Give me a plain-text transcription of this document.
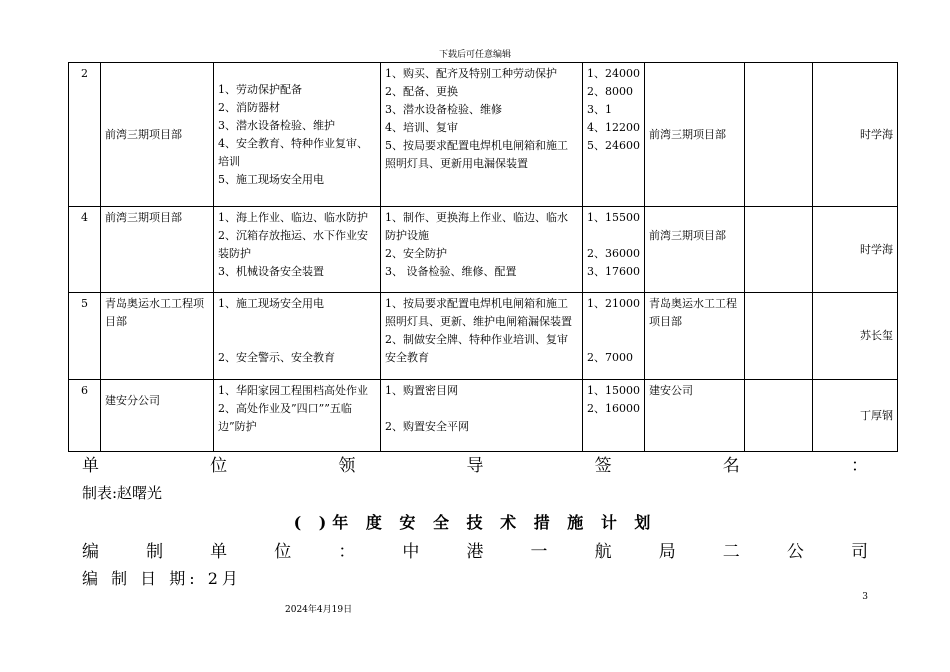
下载后可任意编辑
2	前湾三期项目部	1、劳动保护配备
2、消防器材
3、潜水设备检验、维护
4、安全教育、特种作业复审、培训
5、施工现场安全用电	1、购买、配齐及特别工种劳动保护
2、配备、更换
3、潜水设备检验、维修
4、培训、复审
5、按局要求配置电焊机电闸箱和施工照明灯具、更新用电漏保装置	1、24000
2、8000
3、1
4、12200
5、24600	前湾三期项目部		时学海
4	前湾三期项目部	1、海上作业、临边、临水防护
2、沉箱存放拖运、水下作业安装防护
3、机械设备安全装置	1、制作、更换海上作业、临边、临水防护设施
2、安全防护
3、 设备检验、维修、配置	1、15500
2、36000
3、17600	前湾三期项目部		时学海
5	青岛奥运水工工程项目部	1、施工现场安全用电
2、安全警示、安全教育	1、按局要求配置电焊机电闸箱和施工照明灯具、更新、维护电闸箱漏保装置
2、制做安全牌、特种作业培训、复审安全教育	1、21000
2、7000	青岛奥运水工工程项目部		苏长玺
6	建安分公司	1、华阳家园工程围档高处作业
2、高处作业及”四口””五临边”防护	1、购置密目网
2、购置安全平网	1、15000
2、16000	建安公司		丁厚钢
单	位	领	导	签	名	：
制表:赵曙光
( )年 度 安 全 技 术 措 施 计 划
编	制	单	位	：	中	港	一	航	局	二	公	司
编 制 日 期: 2月
3
2024年4月19日
